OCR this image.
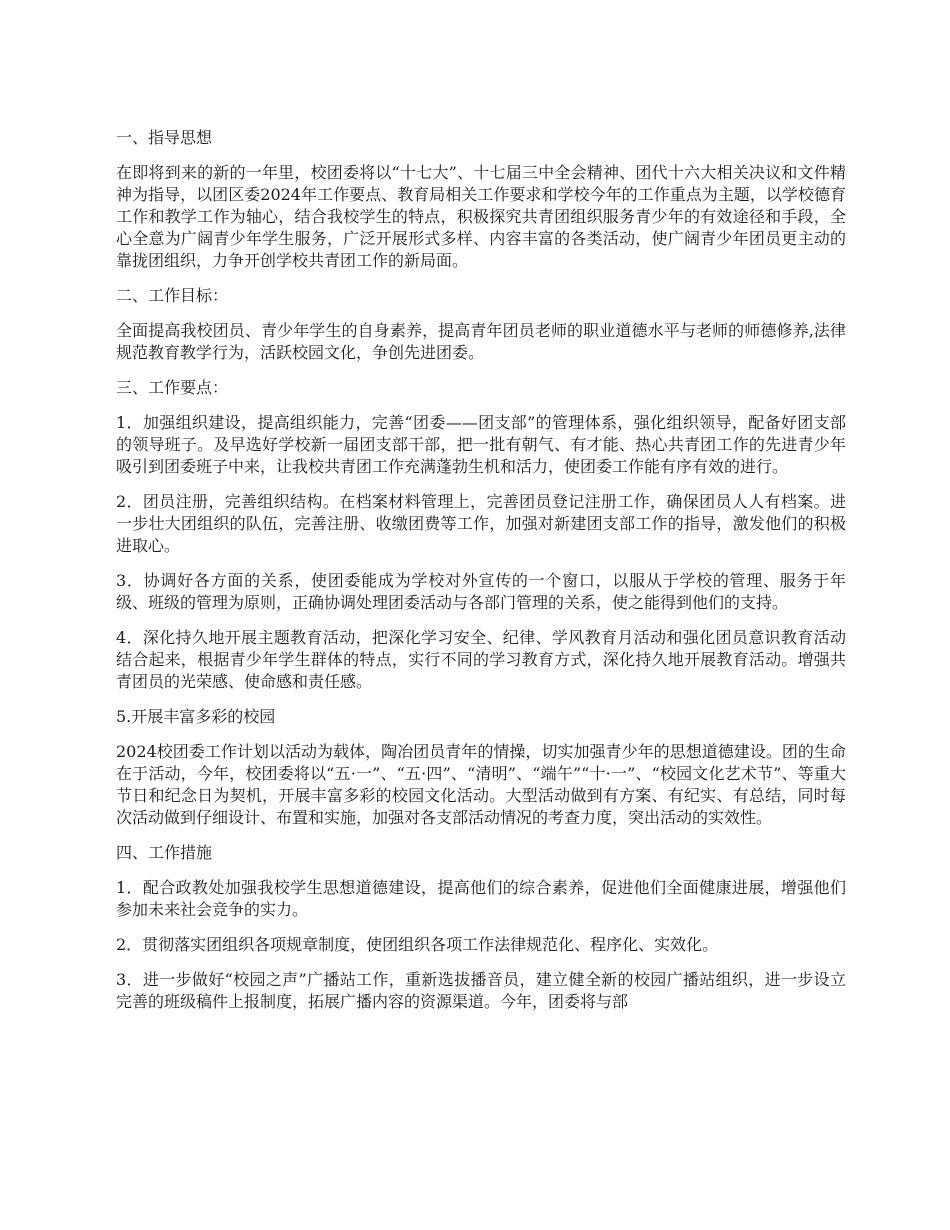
一、指导思想

在即将到来的新的一年里，校团委将以“十七大”、十七届三中全会精神、团代十六大相关决议和文件精神为指导，以团区委2024年工作要点、教育局相关工作要求和学校今年的工作重点为主题，以学校德育工作和教学工作为轴心，结合我校学生的特点，积极探究共青团组织服务青少年的有效途径和手段，全心全意为广阔青少年学生服务，广泛开展形式多样、内容丰富的各类活动，使广阔青少年团员更主动的靠拢团组织，力争开创学校共青团工作的新局面。

二、工作目标：

全面提高我校团员、青少年学生的自身素养，提高青年团员老师的职业道德水平与老师的师德修养,法律规范教育教学行为，活跃校园文化，争创先进团委。

三、工作要点：

1．加强组织建设，提高组织能力，完善“团委——团支部”的管理体系，强化组织领导，配备好团支部的领导班子。及早选好学校新一届团支部干部，把一批有朝气、有才能、热心共青团工作的先进青少年吸引到团委班子中来，让我校共青团工作充满蓬勃生机和活力，使团委工作能有序有效的进行。

2．团员注册，完善组织结构。在档案材料管理上，完善团员登记注册工作，确保团员人人有档案。进一步壮大团组织的队伍，完善注册、收缴团费等工作，加强对新建团支部工作的指导，激发他们的积极进取心。

3．协调好各方面的关系，使团委能成为学校对外宣传的一个窗口，以服从于学校的管理、服务于年级、班级的管理为原则，正确协调处理团委活动与各部门管理的关系，使之能得到他们的支持。

4．深化持久地开展主题教育活动，把深化学习安全、纪律、学风教育月活动和强化团员意识教育活动结合起来，根据青少年学生群体的特点，实行不同的学习教育方式，深化持久地开展教育活动。增强共青团员的光荣感、使命感和责任感。

5.开展丰富多彩的校园

2024校团委工作计划以活动为载体，陶冶团员青年的情操，切实加强青少年的思想道德建设。团的生命在于活动，今年，校团委将以“五·一”、“五·四”、“清明”、“端午”“十·一”、“校园文化艺术节”、等重大节日和纪念日为契机，开展丰富多彩的校园文化活动。大型活动做到有方案、有纪实、有总结，同时每次活动做到仔细设计、布置和实施，加强对各支部活动情况的考查力度，突出活动的实效性。

四、工作措施

1．配合政教处加强我校学生思想道德建设，提高他们的综合素养，促进他们全面健康进展，增强他们参加未来社会竞争的实力。

2．贯彻落实团组织各项规章制度，使团组织各项工作法律规范化、程序化、实效化。

3．进一步做好“校园之声”广播站工作，重新选拔播音员，建立健全新的校园广播站组织，进一步设立完善的班级稿件上报制度，拓展广播内容的资源渠道。今年，团委将与部
